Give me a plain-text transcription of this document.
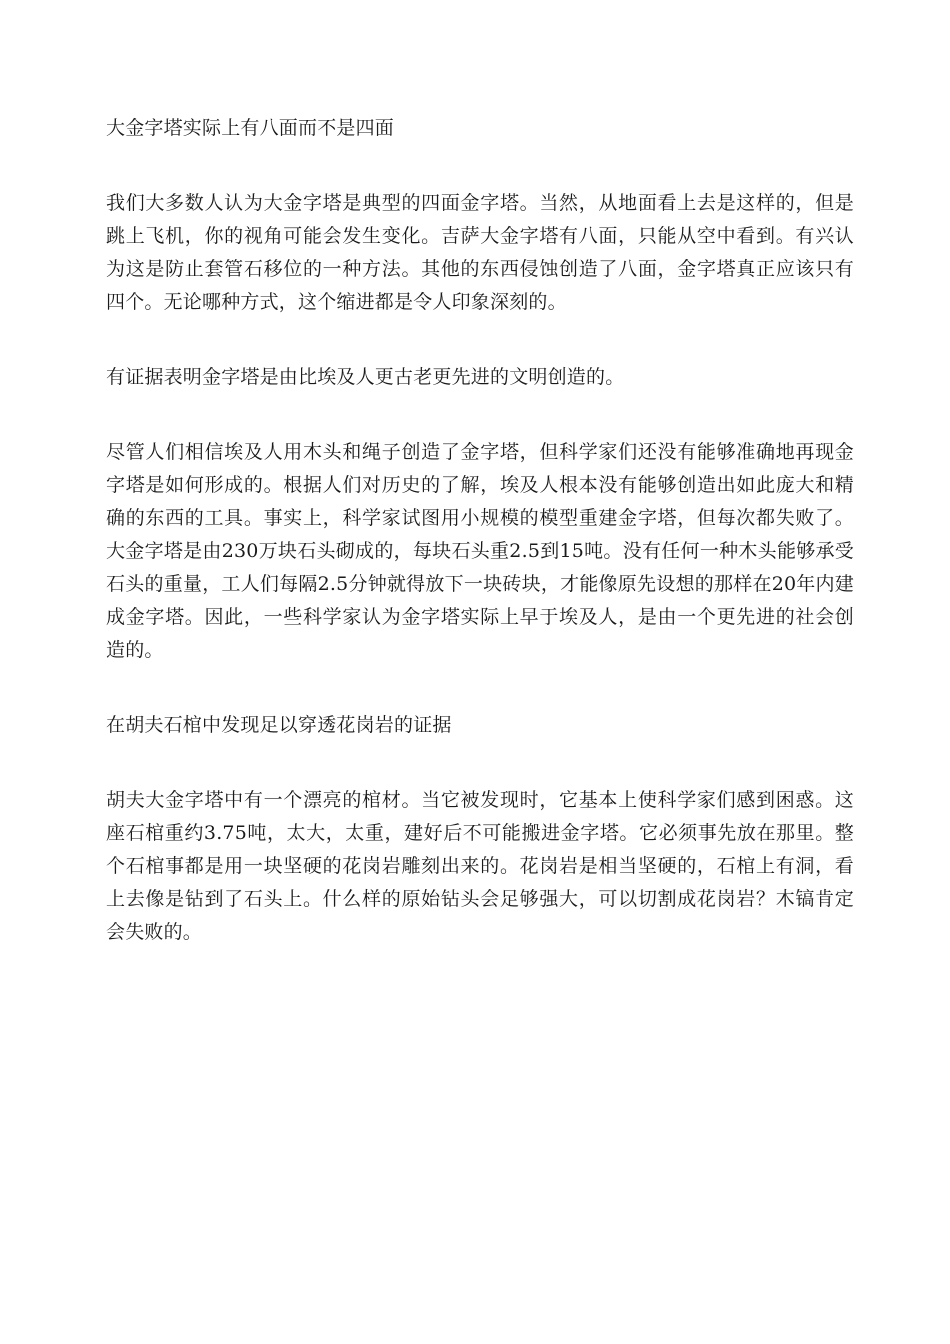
大金字塔实际上有八面而不是四面

我们大多数人认为大金字塔是典型的四面金字塔。当然，从地面看上去是这样的，但是跳上飞机，你的视角可能会发生变化。吉萨大金字塔有八面，只能从空中看到。有兴认为这是防止套管石移位的一种方法。其他的东西侵蚀创造了八面，金字塔真正应该只有四个。无论哪种方式，这个缩进都是令人印象深刻的。

有证据表明金字塔是由比埃及人更古老更先进的文明创造的。

尽管人们相信埃及人用木头和绳子创造了金字塔，但科学家们还没有能够准确地再现金字塔是如何形成的。根据人们对历史的了解，埃及人根本没有能够创造出如此庞大和精确的东西的工具。事实上，科学家试图用小规模的模型重建金字塔，但每次都失败了。大金字塔是由230万块石头砌成的，每块石头重2.5到15吨。没有任何一种木头能够承受石头的重量，工人们每隔2.5分钟就得放下一块砖块，才能像原先设想的那样在20年内建成金字塔。因此，一些科学家认为金字塔实际上早于埃及人，是由一个更先进的社会创造的。

在胡夫石棺中发现足以穿透花岗岩的证据

胡夫大金字塔中有一个漂亮的棺材。当它被发现时，它基本上使科学家们感到困惑。这座石棺重约3.75吨，太大，太重，建好后不可能搬进金字塔。它必须事先放在那里。整个石棺事都是用一块坚硬的花岗岩雕刻出来的。花岗岩是相当坚硬的，石棺上有洞，看上去像是钻到了石头上。什么样的原始钻头会足够强大，可以切割成花岗岩？木镐肯定会失败的。
